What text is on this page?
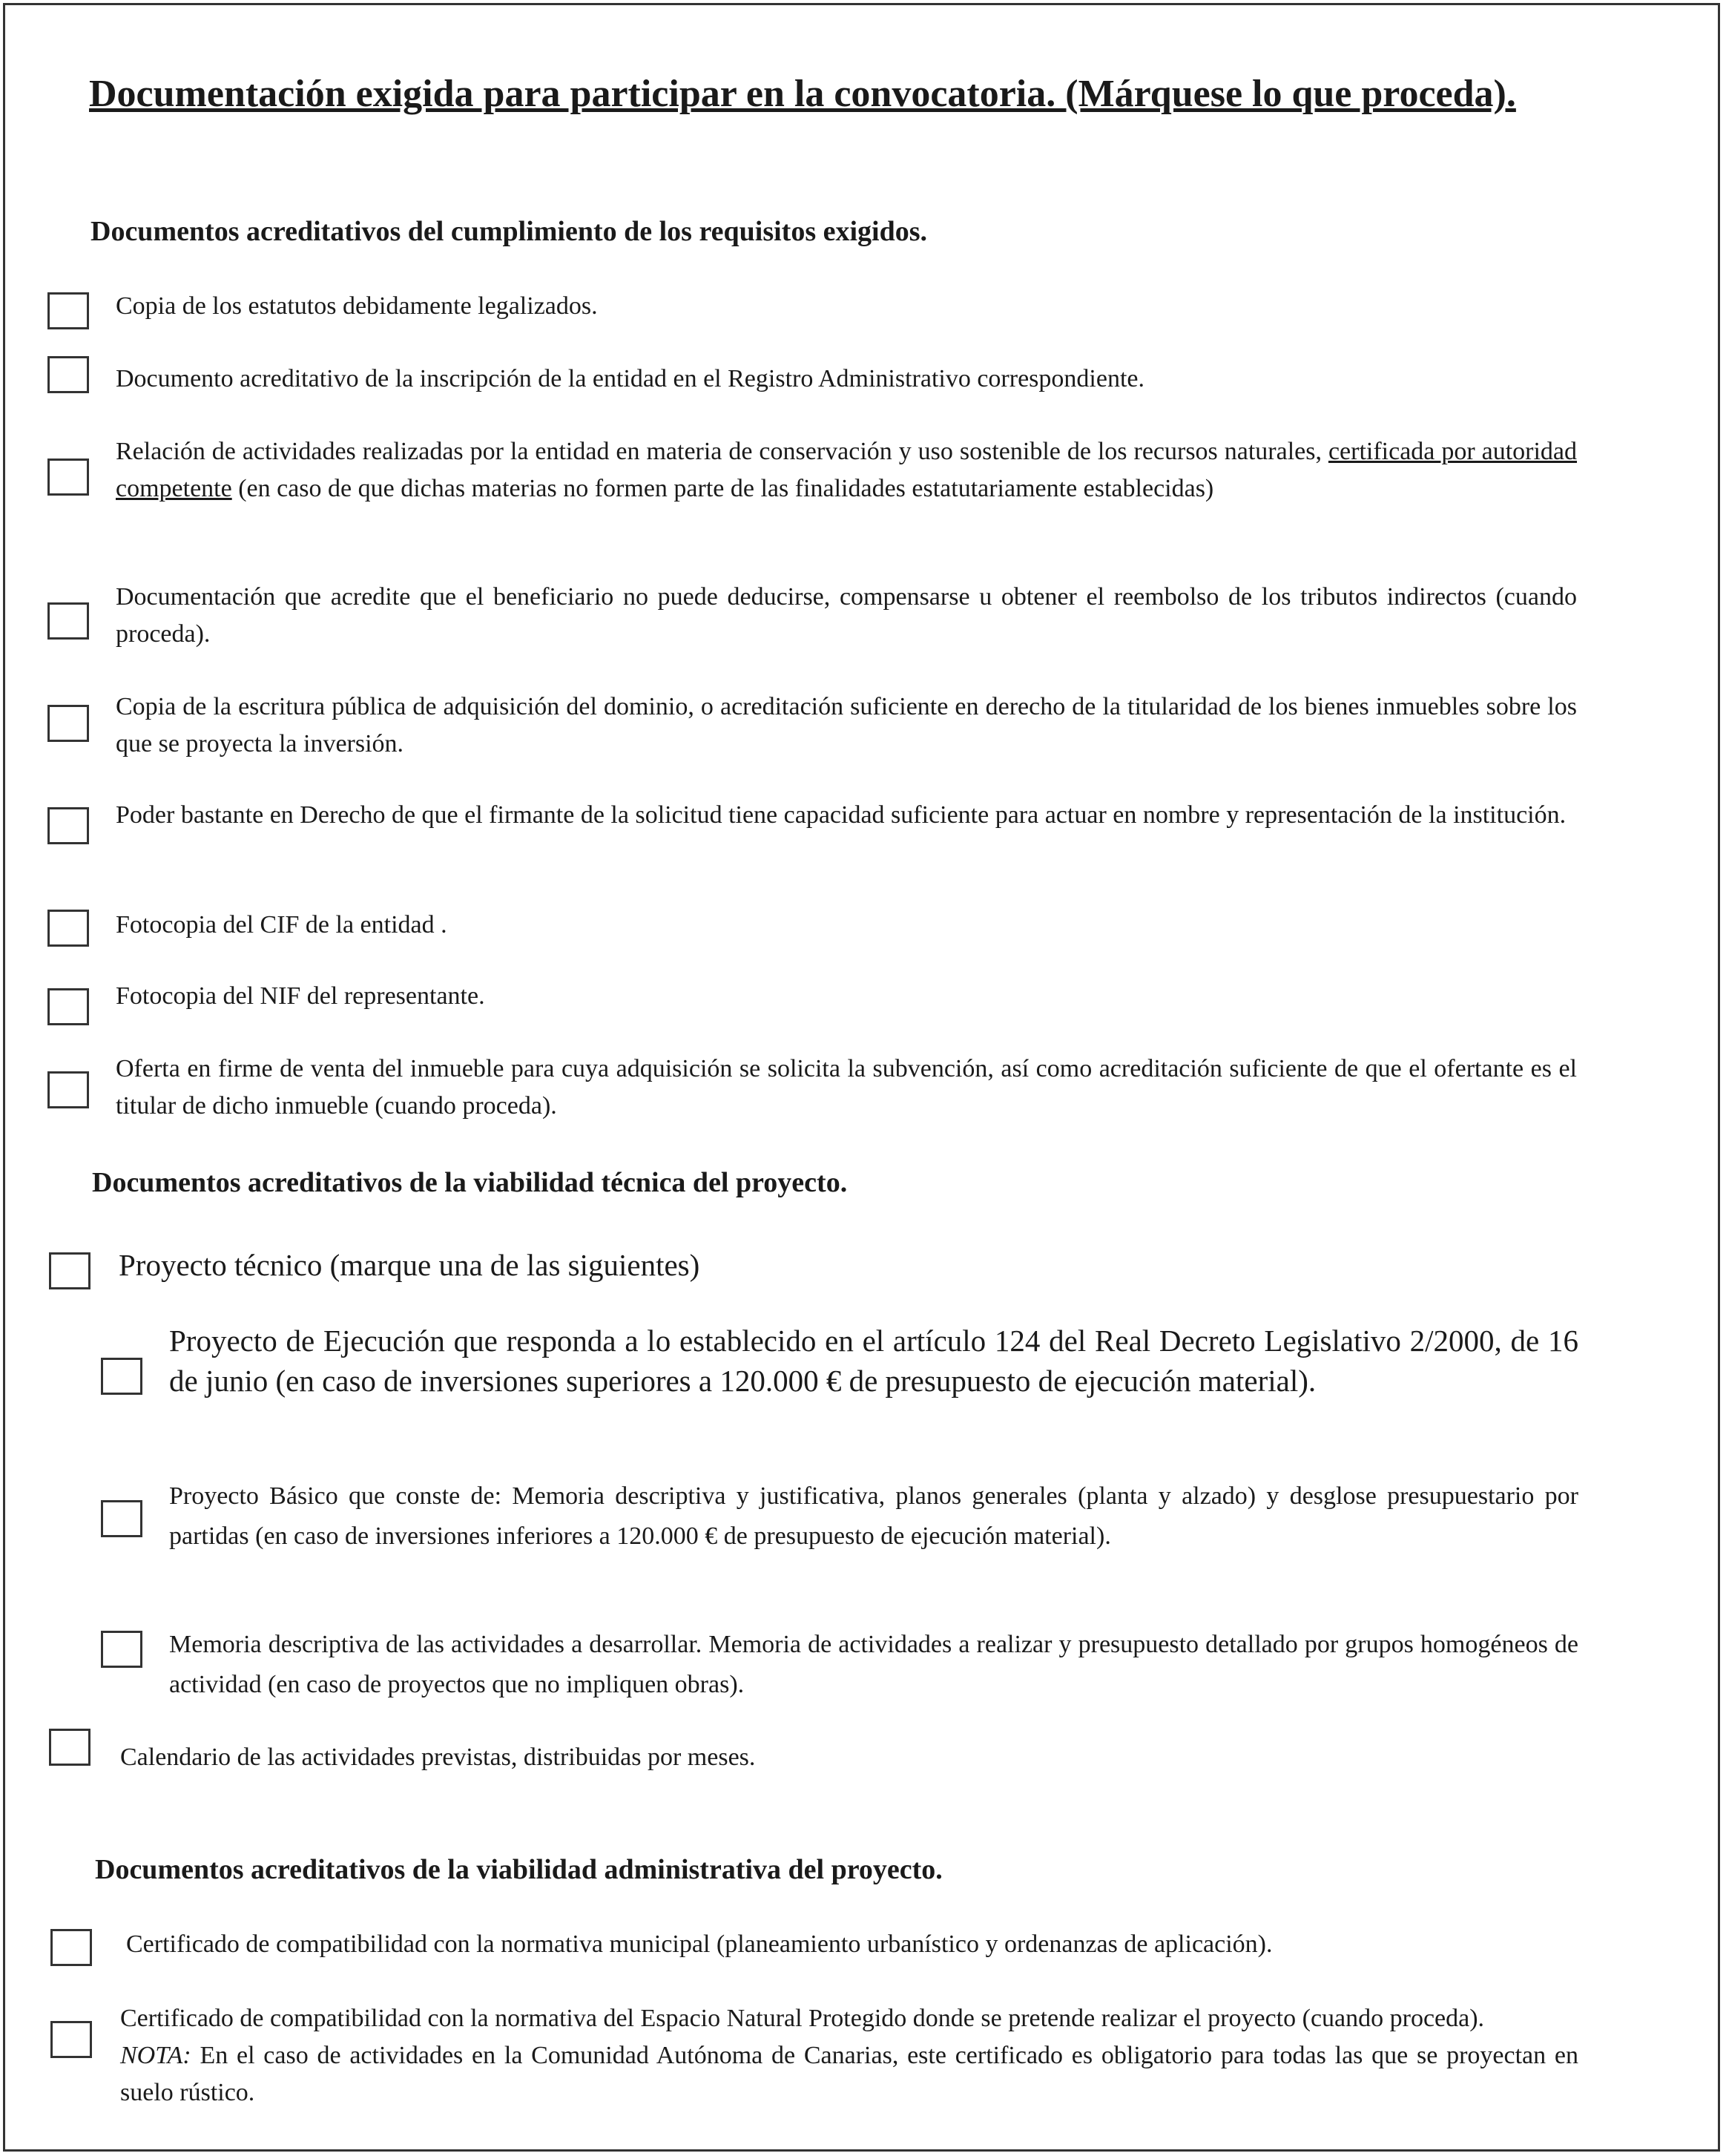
Documentación exigida para participar en la convocatoria. (Márquese lo que proceda).
Documentos acreditativos del cumplimiento de los requisitos exigidos.
Copia de los estatutos debidamente legalizados.
Documento acreditativo de la inscripción de la entidad en el Registro Administrativo correspondiente.
Relación de actividades realizadas por la entidad en materia de conservación y uso sostenible de los recursos naturales, certificada por autoridad competente (en caso de que dichas materias no formen parte de las finalidades estatutariamente establecidas)
Documentación que acredite que el beneficiario no puede deducirse, compensarse u obtener el reembolso de los tributos indirectos (cuando proceda).
Copia de la escritura pública de adquisición del dominio, o acreditación suficiente en derecho de la titularidad de los bienes inmuebles sobre los que se proyecta la inversión.
Poder bastante en Derecho de que el firmante de la solicitud tiene capacidad suficiente para actuar en nombre y representación de la institución.
Fotocopia del CIF de la entidad .
Fotocopia del NIF del representante.
Oferta en firme de venta del inmueble para cuya adquisición se solicita la subvención, así como acreditación suficiente de que el ofertante es el titular de dicho inmueble (cuando proceda).
Documentos acreditativos de la viabilidad técnica del proyecto.
Proyecto técnico (marque una de las siguientes)
Proyecto de Ejecución que responda a lo establecido en el artículo 124 del Real Decreto Legislativo 2/2000, de 16 de junio (en caso de inversiones superiores a 120.000 € de presupuesto de ejecución material).
Proyecto Básico que conste de: Memoria descriptiva y justificativa, planos generales (planta y alzado) y desglose presupuestario por partidas (en caso de inversiones inferiores a 120.000 € de presupuesto de ejecución material).
Memoria descriptiva de las actividades a desarrollar. Memoria de actividades a realizar y presupuesto detallado por grupos homogéneos de actividad (en caso de proyectos que no impliquen obras).
Calendario de las actividades previstas, distribuidas por meses.
Documentos acreditativos de la viabilidad administrativa del proyecto.
Certificado de compatibilidad con la normativa municipal (planeamiento urbanístico y ordenanzas de aplicación).
Certificado de compatibilidad con la normativa del Espacio Natural Protegido donde se pretende realizar el proyecto (cuando proceda).
NOTA: En el caso de actividades en la Comunidad Autónoma de Canarias, este certificado es obligatorio para todas las que se proyectan en suelo rústico.
